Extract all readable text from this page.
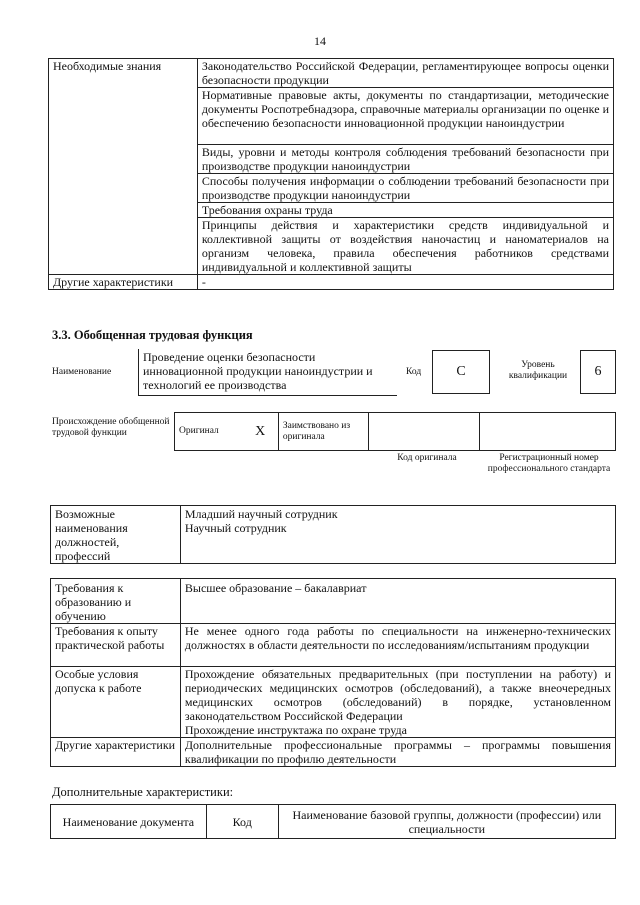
14
Необходимые знания	Законодательство Российской Федерации, регламентирующее вопросы оценки безопасности продукции
	Нормативные правовые акты, документы по стандартизации, методические документы Роспотребнадзора, справочные материалы организации по оценке и обеспечению безопасности инновационной продукции наноиндустрии
	Виды, уровни и методы контроля соблюдения требований безопасности при производстве продукции наноиндустрии
	Способы получения информации о соблюдении требований безопасности при производстве продукции наноиндустрии
	Требования охраны труда
	Принципы действия и характеристики средств индивидуальной и коллективной защиты от воздействия наночастиц и наноматериалов на организм человека, правила обеспечения работников средствами индивидуальной и коллективной защиты
Другие характеристики	-
3.3. Обобщенная трудовая функция
Наименование
Проведение оценки безопасности инновационной продукции наноиндустрии и технологий ее производства
Код	C	Уровень квалификации	6
Происхождение обобщенной трудовой функции	Оригинал	X	Заимствовано из оригинала		
Код оригинала	Регистрационный номер профессионального стандарта
Возможные наименования должностей, профессий	
Младший научный сотрудник
Научный сотрудник
Требования к образованию и обучению	Высшее образование – бакалавриат
Требования к опыту практической работы	Не менее одного года работы по специальности на инженерно-технических должностях в области деятельности по исследованиям/испытаниям продукции
Особые условия допуска к работе	Прохождение обязательных предварительных (при поступлении на работу) и периодических медицинских осмотров (обследований), а также внеочередных медицинских осмотров (обследований) в порядке, установленном законодательством Российской Федерации
Прохождение инструктажа по охране труда

Другие характеристики	Дополнительные профессиональные программы – программы повышения квалификации по профилю деятельности
Дополнительные характеристики:
Наименование документа	Код	Наименование базовой группы, должности (профессии) или специальности
